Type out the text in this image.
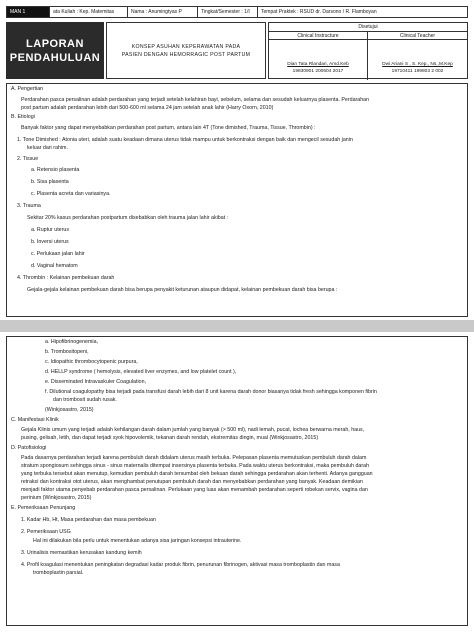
MAN 1	ata Kuliah : Kep. Matemitas	Nama : Anumingtyas P	Tingkat/Semester : 1/I	Tempat Praktek : RSUD dr. Darsono / R. Flamboyan
LAPORAN
PENDAHULUAN
KONSEP ASUHAN KEPERAWATAN PADA
PASIEN DENGAN HEMORRAGIC POST PARTUM
Disetujui
Clinical Instructure
Dian Tata Rlandari, Amd.Keb
19830901 200604 2017
Clinical Teacher
Dwi Ariani S , S. Kep., Ns.,M.Kep
19710411 199803 2 002
A. Pengertian
Perdarahan pasca persalinan adalah perdarahan yang terjadi setelah kelahiran bayi, sebelum, selama dan sesudah keluarnya plasenta. Perdarahan
post partum adalah perdarahan lebih dari 500-600 ml selama 24 jam setelah anak lahir (Harry Oxorn, 2010)
B. Etiologi
Banyak faktor yang dapat menyebabkan perdarahan post partum, antara lain 4T (Tone dimished, Trauma, Tissue, Thrombin) :
1. Tone Dimished : Atonia uteri, adalah suatu keadaan dimana uterus tidak mampu untuk berkontraksi dengan baik dan mengecil sesudah janin
keluar dari rahim.
2. Tissue
a. Retensio plasenta
b. Sisa plasenta
c. Plasenta acreta dan variasinya.
3. Trauma
Sekitar 20% kasus perdarahan postpartum disebabkan oleh trauma jalan lahir akibat :
a. Ruptur uterus
b. Inversi uterus
c. Perlukaan jalan lahir
d. Vaginal hematom
4. Thrombin : Kelainan pembekuan darah
Gejala-gejala kelainan pembekuan darah bisa berupa penyakit keturunan ataupun didapat, kelainan pembekuan darah bisa berupa :
a. Hipofibrinogenemia,
b. Trombositopeni,
c. Idiopathic thrombocytopenic purpura,
d. HELLP syndrome ( hemolysis, elevated liver enzymes, and low platelet count ),
e. Disseminated Intravaskuler Coagulation,
f. Dilutional coagulopathy bisa terjadi pada transfusi darah lebih dari 8 unit karena darah donor biasanya tidak fresh sehingga komponen fibrin
dan trombosit sudah rusak.
(Winkjosastro, 2015)
C. Manifestasi Klinik
Gejala Klinis umum yang terjadi adalah kehilangan darah dalam jumlah yang banyak (> 500 ml), nadi lemah, pucat, lochea berwarna merah, haus,
pusing, gelisah, letih, dan dapat terjadi syok hipovolemik, tekanan darah rendah, ekstremitas dingin, mual (Winkjosastro, 2015)
D. Patofisiologi
Pada dasarnya perdarahan terjadi karena pembuluh darah didalam uterus masih terbuka. Pelepasan plasenta memutuskan pembuluh darah dalam
stratum spongiosum sehingga sinus - sinus maternalis ditempat insersinya plasenta terbuka. Pada waktu uterus berkontraksi, maka pembuluh darah
yang terbuka tersebut akan menutup, kemudian pembuluh darah tersumbat oleh bekuan darah sehingga perdarahan akan terhenti. Adanya gangguan
retraksi dan kontraksi otot uterus, akan menghambat penutupan pembuluh darah dan menyebabkan perdarahan yang banyak. Keadaan demikian
menjadi faktor utama penyebab perdarahan pasca persalinan. Perlukaan yang luas akan menambah perdarahan seperti robekan servix, vagina dan
perinium (Winkjosastro, 2015)
E. Pemeriksaan Penunjang
1. Kadar Hb, Ht, Masa perdarahan dan masa pembekuan
2. Pemeriksaan USG
Hal ini dilakukan bila perlu untuk menentukan adanya sisa jaringan konsepsi intrauterine.
3. Urinalisis memastikan kerusakan kandung kemih
4. Profil koagulasi menentukan peningkatan degradasi kadar produk fibrin, penurunan fibrinogen, aktivasi masa tromboplastin dan masa
tromboplastin parsial.
